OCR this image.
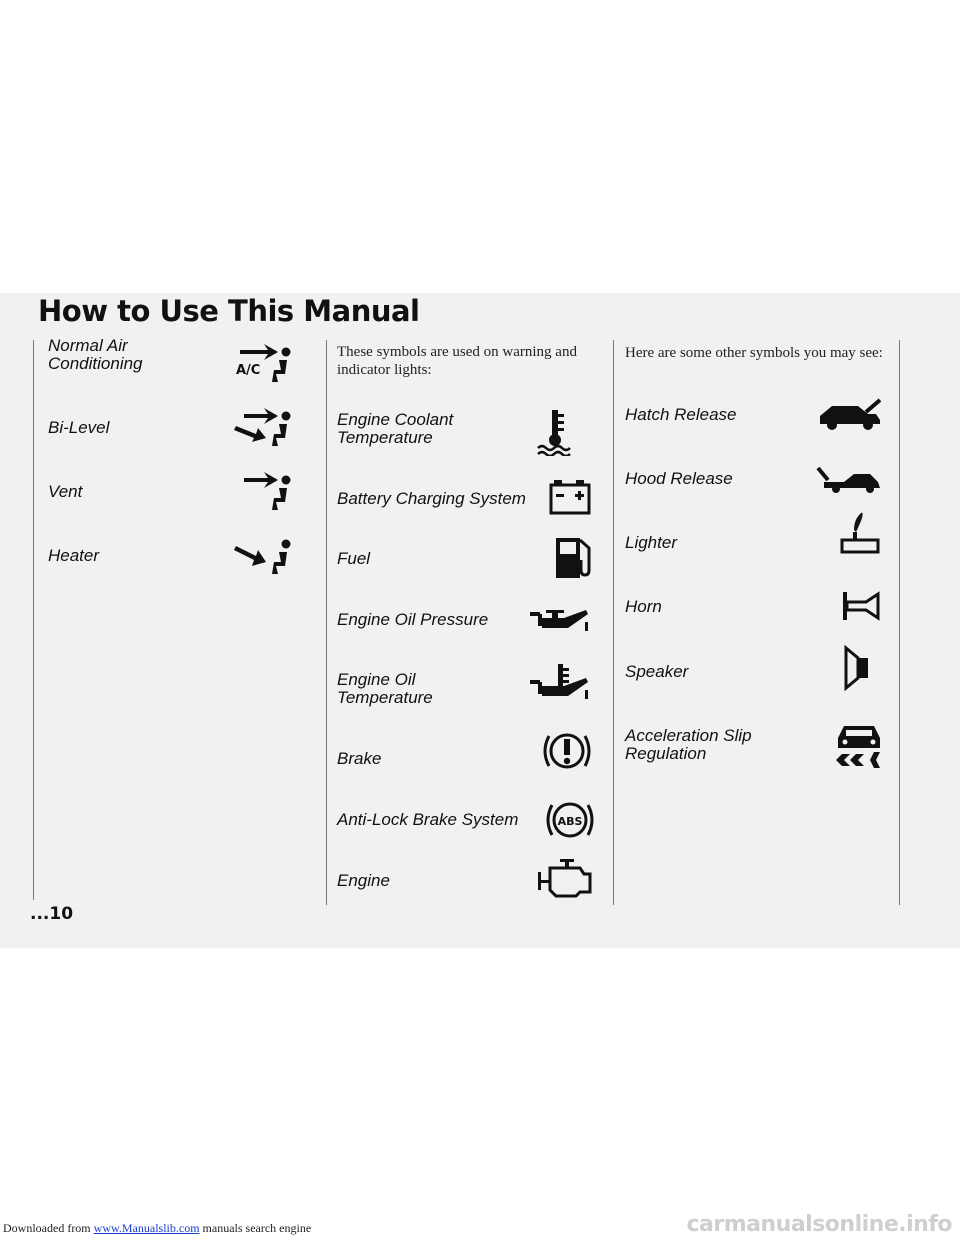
How to Use This Manual
Normal Air
Conditioning	A/C
Bi-Level
Vent
Heater
...10
These symbols are used on warning and
indicator lights:
Engine Coolant
Temperature
Battery Charging System
Fuel
Engine Oil Pressure
Engine Oil
Temperature
Brake
Anti-Lock Brake System	ABS
Engine
Here are some other symbols you may see:
Hatch Release
Hood Release
Lighter
Horn
Speaker
Acceleration Slip
Regulation
Downloaded from www.Manualslib.com manuals search engine	carmanualsonline.info
